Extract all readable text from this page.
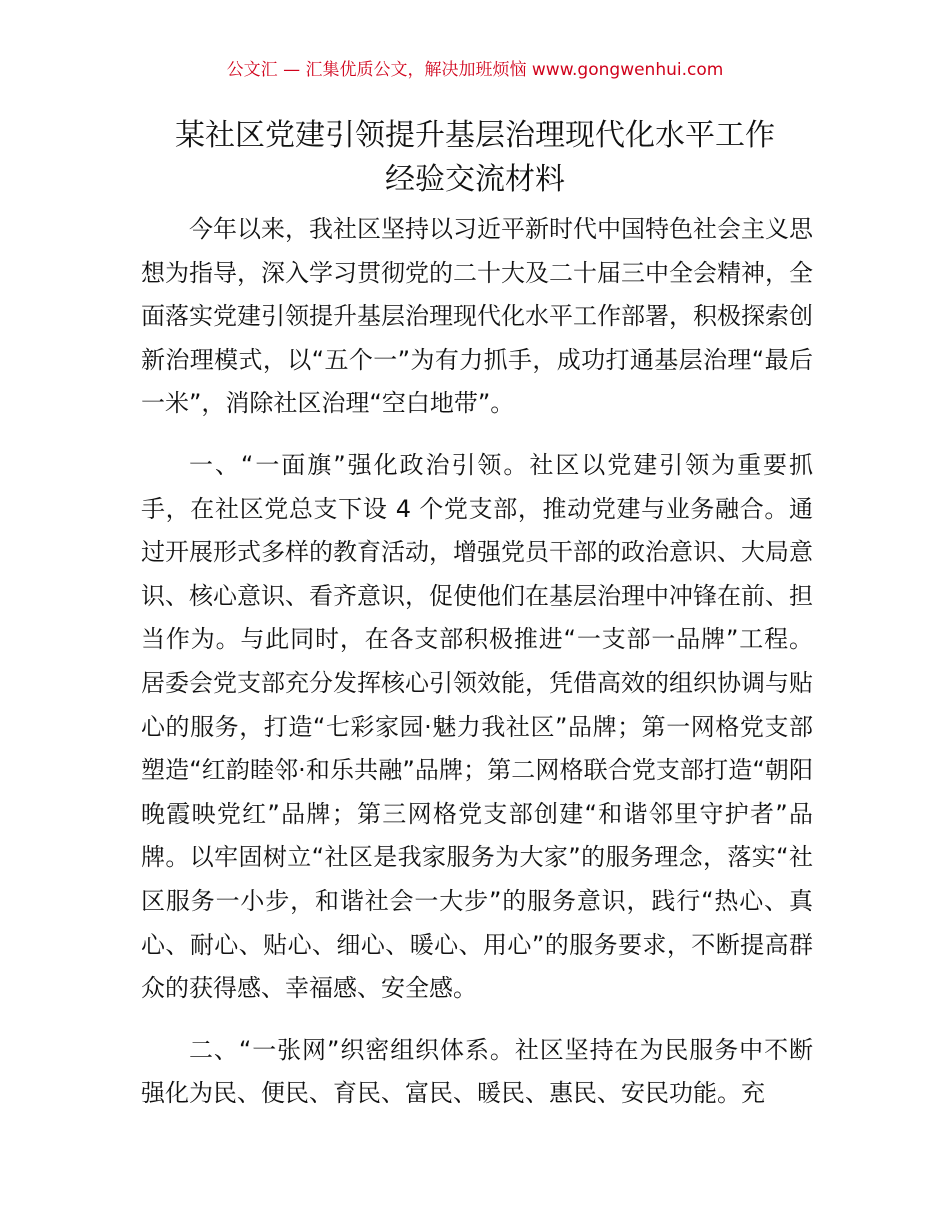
公文汇 — 汇集优质公文，解决加班烦恼 www.gongwenhui.com
某社区党建引领提升基层治理现代化水平工作
经验交流材料

今年以来，我社区坚持以习近平新时代中国特色社会主义思想为指导，深入学习贯彻党的二十大及二十届三中全会精神，全面落实党建引领提升基层治理现代化水平工作部署，积极探索创新治理模式，以“五个一”为有力抓手，成功打通基层治理“最后一米”，消除社区治理“空白地带”。

一、“一面旗”强化政治引领。社区以党建引领为重要抓手，在社区党总支下设 4 个党支部，推动党建与业务融合。通过开展形式多样的教育活动，增强党员干部的政治意识、大局意识、核心意识、看齐意识，促使他们在基层治理中冲锋在前、担当作为。与此同时，在各支部积极推进“一支部一品牌”工程。居委会党支部充分发挥核心引领效能，凭借高效的组织协调与贴心的服务，打造“七彩家园·魅力我社区”品牌；第一网格党支部塑造“红韵睦邻·和乐共融”品牌；第二网格联合党支部打造“朝阳晚霞映党红”品牌；第三网格党支部创建“和谐邻里守护者”品牌。以牢固树立“社区是我家服务为大家”的服务理念，落实“社区服务一小步，和谐社会一大步”的服务意识，践行“热心、真心、耐心、贴心、细心、暖心、用心”的服务要求，不断提高群众的获得感、幸福感、安全感。

二、“一张网”织密组织体系。社区坚持在为民服务中不断强化为民、便民、育民、富民、暖民、惠民、安民功能。充
